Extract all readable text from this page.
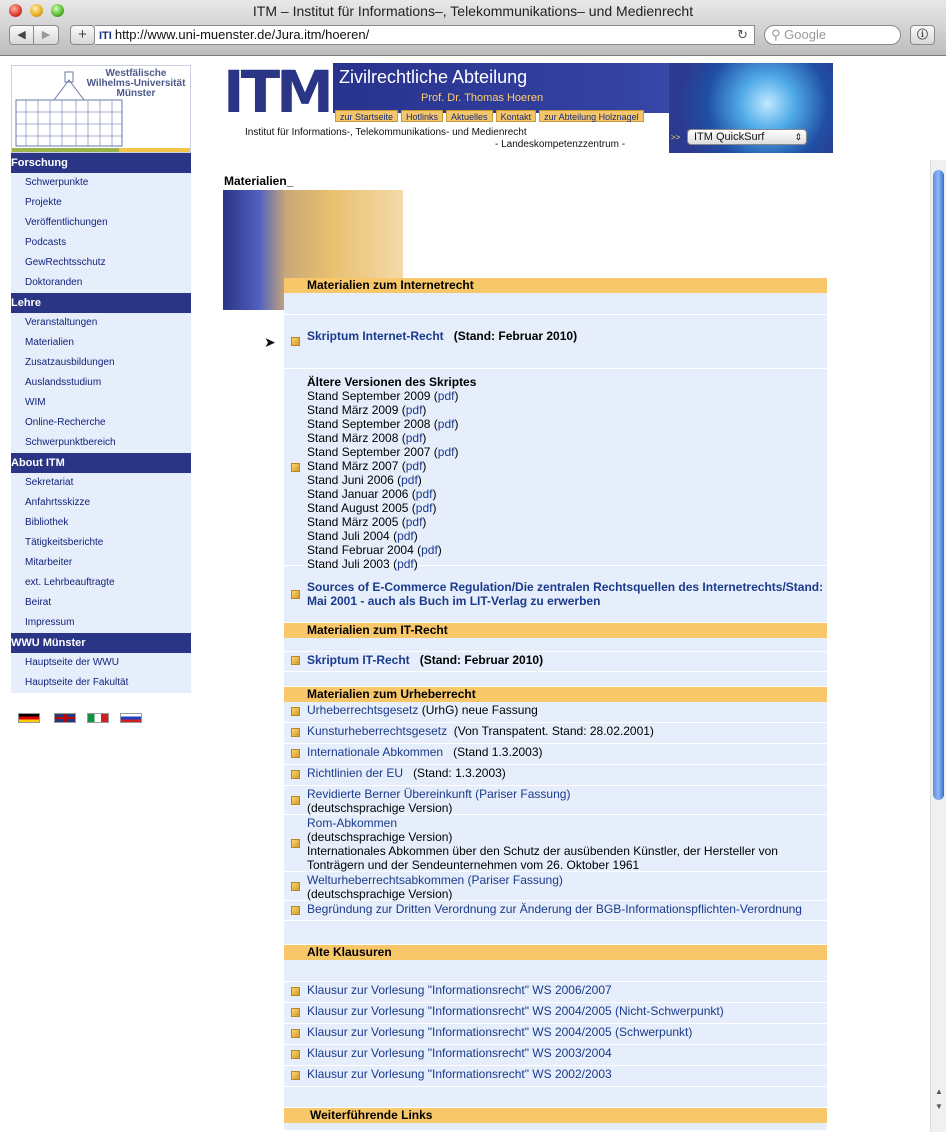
ITM – Institut für Informations–, Telekommunikations– und Medienrecht
◀	▶	+	ITI http://www.uni-muenster.de/Jura.itm/hoeren/	↻	⚲ Google	ⓘ
▲
▼
Westfälische
Wilhelms-Universität
Münster
Forschung
Schwerpunkte
Projekte
Veröffentlichungen
Podcasts
GewRechtsschutz
Doktoranden
Lehre
Veranstaltungen
Materialien
Zusatzausbildungen
Auslandsstudium
WIM
Online-Recherche
Schwerpunktbereich
About ITM
Sekretariat
Anfahrtsskizze
Bibliothek
Tätigkeitsberichte
Mitarbeiter
ext. Lehrbeauftragte
Beirat
Impressum
WWU Münster
Hauptseite der WWU
Hauptseite der Fakultät
ITM Zivilrechtliche Abteilung
Prof. Dr. Thomas Hoeren
zur Startseite	Hotlinks	Aktuelles	Kontakt	zur Abteilung Holznagel
Institut für Informations-, Telekommunikations- und Medienrecht
- Landeskompetenzzentrum -
>>	ITM QuickSurf	⇕
Materialien_
➤
Materialien zum Internetrecht
Skriptum Internet-Recht (Stand: Februar 2010)
Ältere Versionen des Skriptes
Stand September 2009 (pdf)
Stand März 2009 (pdf)
Stand September 2008 (pdf)
Stand März 2008 (pdf)
Stand September 2007 (pdf)
Stand März 2007 (pdf)
Stand Juni 2006 (pdf)
Stand Januar 2006 (pdf)
Stand August 2005 (pdf)
Stand März 2005 (pdf)
Stand Juli 2004 (pdf)
Stand Februar 2004 (pdf)
Stand Juli 2003 (pdf)
Sources of E-Commerce Regulation/Die zentralen Rechtsquellen des Internetrechts/Stand: Mai 2001 - auch als Buch im LIT-Verlag zu erwerben
Materialien zum IT-Recht
Skriptum IT-Recht (Stand: Februar 2010)
Materialien zum Urheberrecht
Urheberrechtsgesetz (UrhG) neue Fassung
Kunsturheberrechtsgesetz (Von Transpatent. Stand: 28.02.2001)
Internationale Abkommen (Stand 1.3.2003)
Richtlinien der EU (Stand: 1.3.2003)
Revidierte Berner Übereinkunft (Pariser Fassung)
(deutschsprachige Version)
Rom-Abkommen
(deutschsprachige Version)
Internationales Abkommen über den Schutz der ausübenden Künstler, der Hersteller von Tonträgern und der Sendeunternehmen vom 26. Oktober 1961
Welturheberrechtsabkommen (Pariser Fassung)
(deutschsprachige Version)
Begründung zur Dritten Verordnung zur Änderung der BGB-Informationspflichten-Verordnung
Alte Klausuren
Klausur zur Vorlesung "Informationsrecht" WS 2006/2007
Klausur zur Vorlesung "Informationsrecht" WS 2004/2005 (Nicht-Schwerpunkt)
Klausur zur Vorlesung "Informationsrecht" WS 2004/2005 (Schwerpunkt)
Klausur zur Vorlesung "Informationsrecht" WS 2003/2004
Klausur zur Vorlesung "Informationsrecht" WS 2002/2003
Weiterführende Links
